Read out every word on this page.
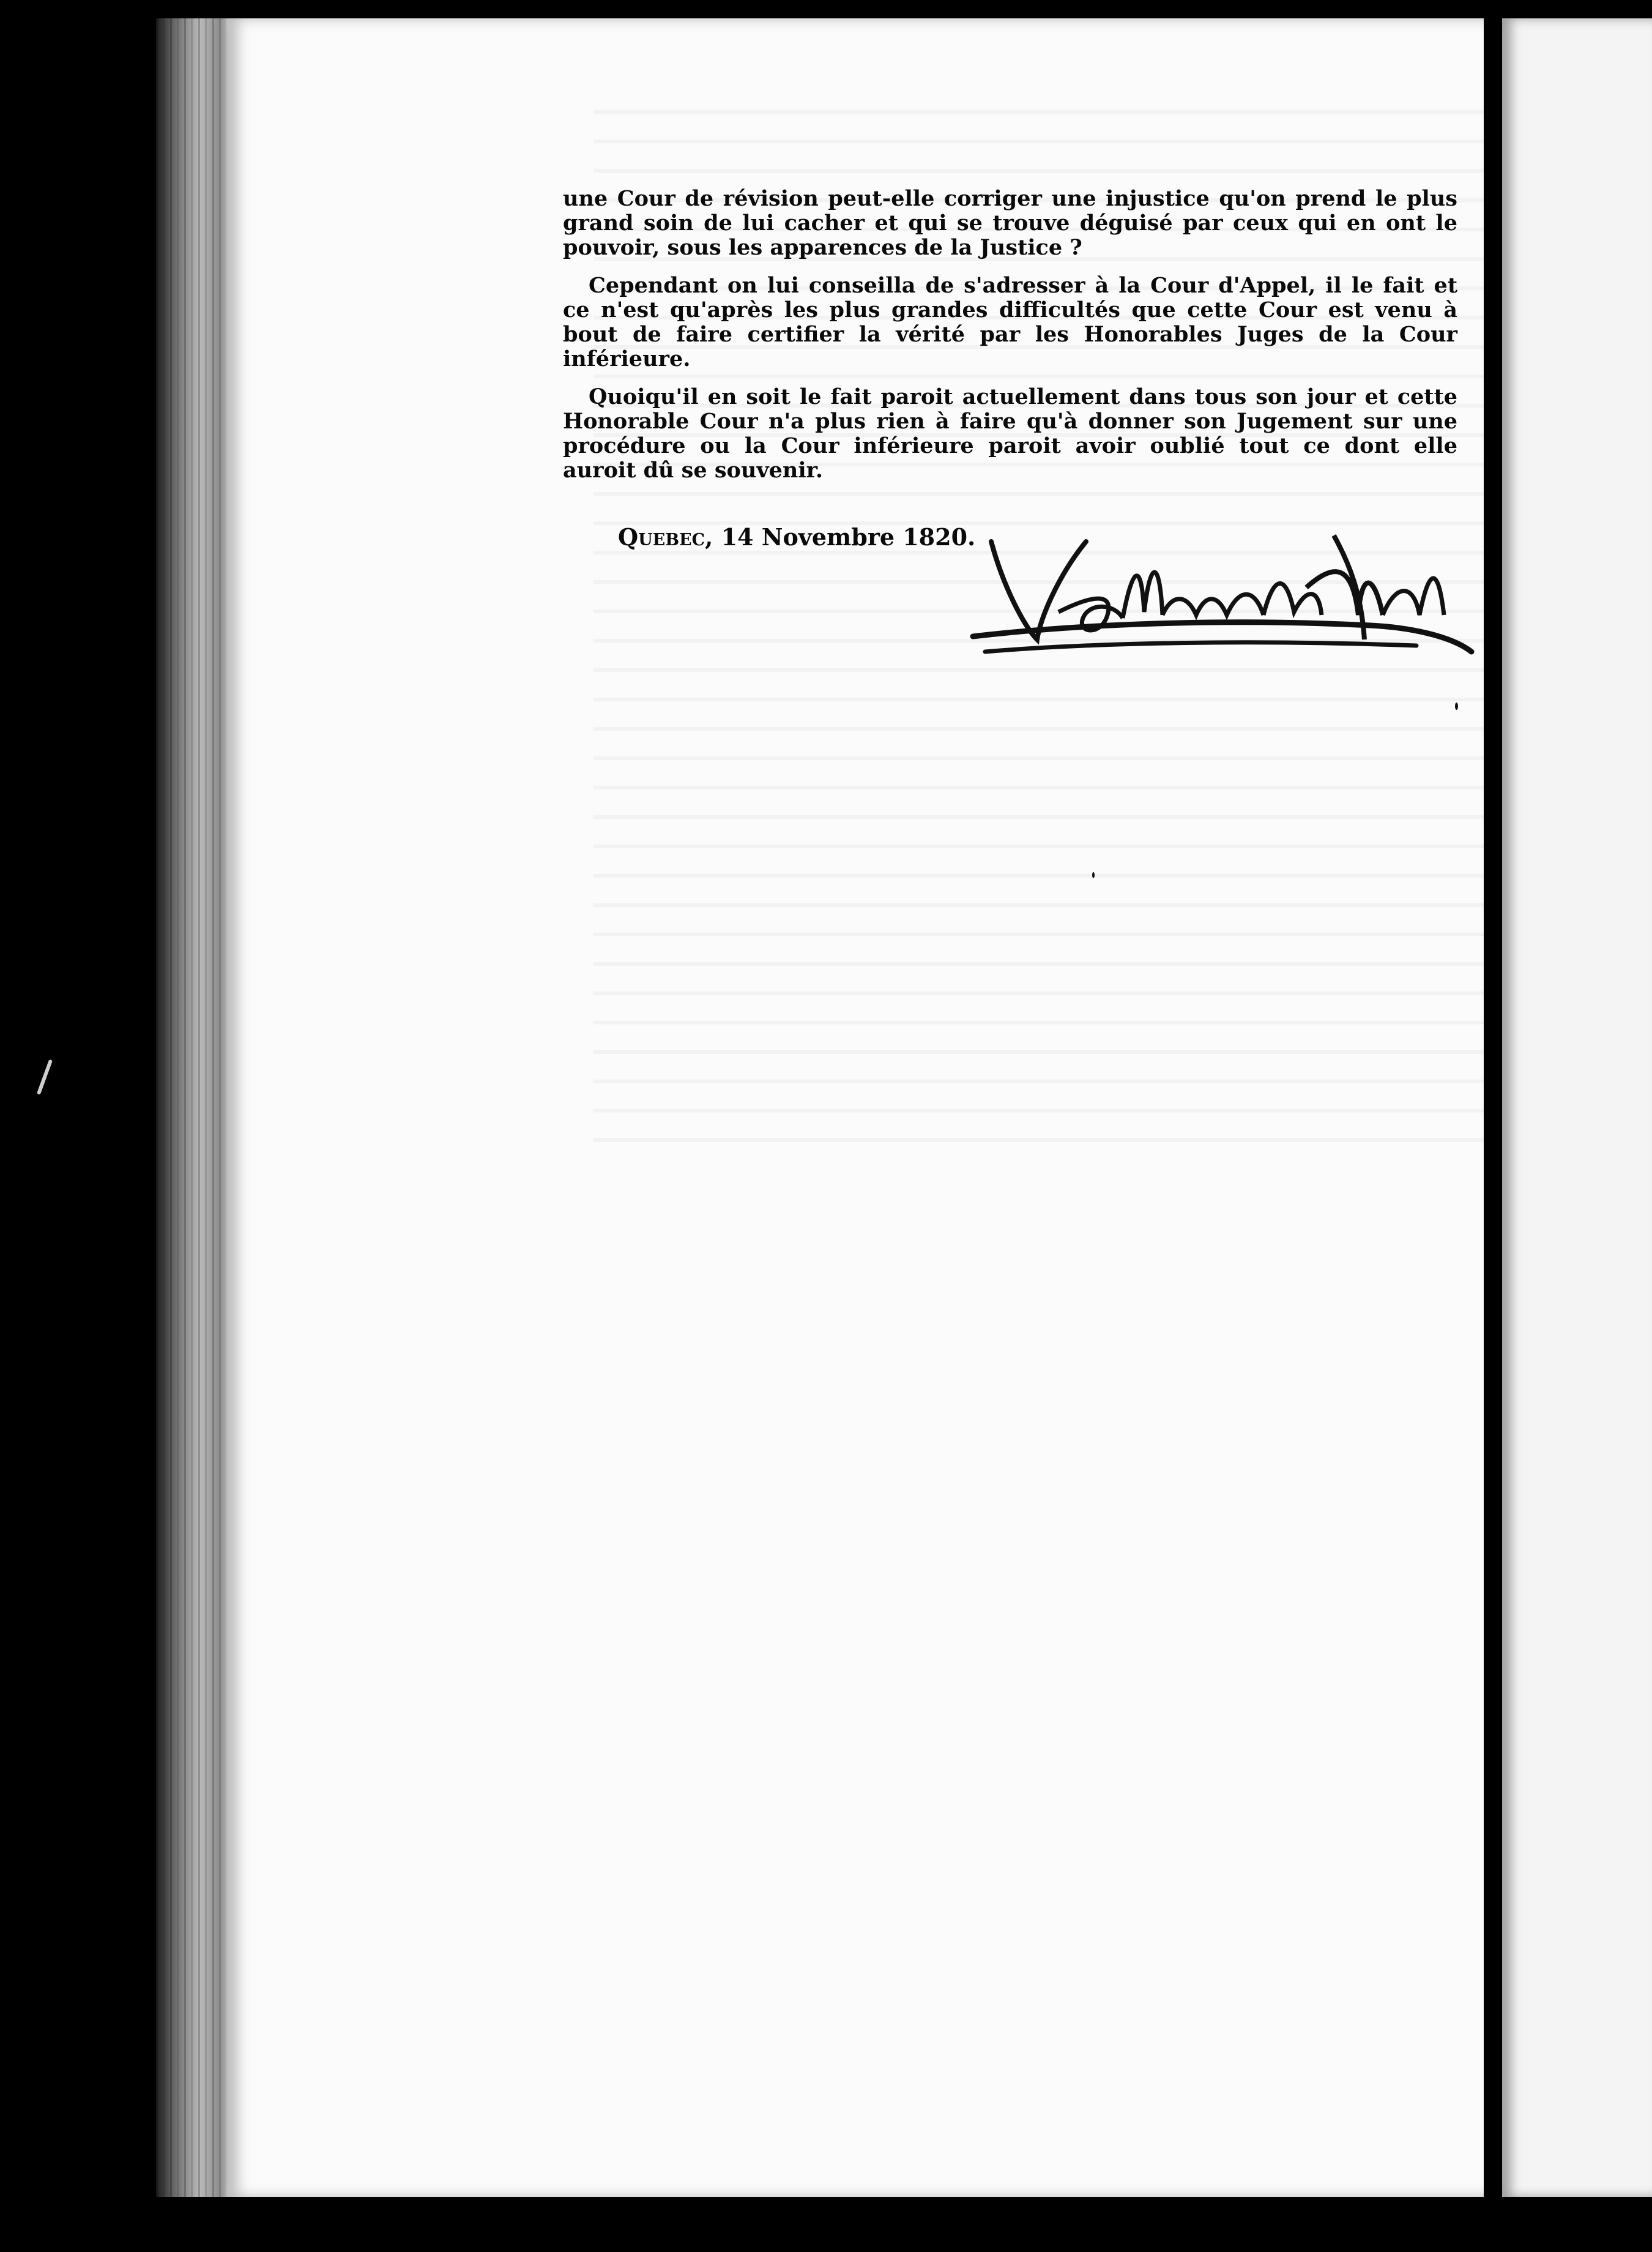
une Cour de révision peut-elle corriger une injustice qu'on prend le plus grand soin de lui cacher et qui se trouve déguisé par ceux qui en ont le pouvoir, sous les apparences de la Justice ?

Cependant on lui conseilla de s'adresser à la Cour d'Appel, il le fait et ce n'est qu'après les plus grandes difficultés que cette Cour est venu à bout de faire certifier la vérité par les Honorables Juges de la Cour inférieure.

Quoiqu'il en soit le fait paroit actuellement dans tous son jour et cette Honorable Cour n'a plus rien à faire qu'à donner son Jugement sur une procédure ou la Cour inférieure paroit avoir oublié tout ce dont elle auroit dû se souvenir.

Quebec, 14 Novembre 1820.
